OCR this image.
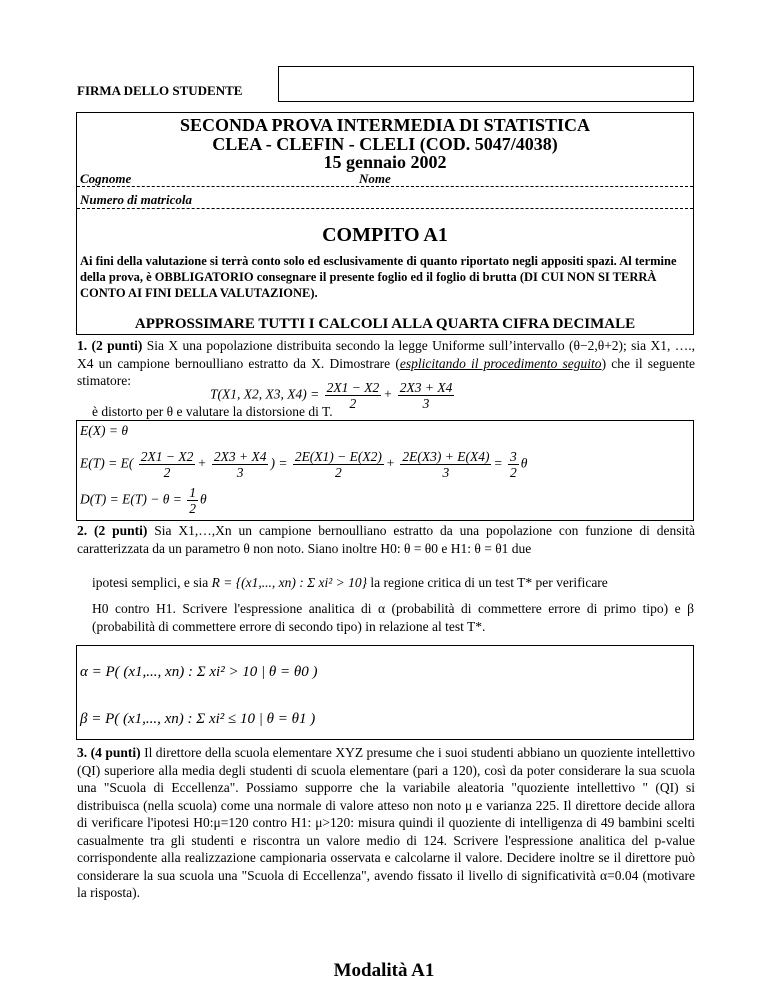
FIRMA DELLO STUDENTE
SECONDA PROVA INTERMEDIA DI STATISTICA
CLEA - CLEFIN - CLELI (COD. 5047/4038)
15 gennaio 2002
Cognome	Nome
Numero di matricola
COMPITO A1
Ai fini della valutazione si terrà conto solo ed esclusivamente di quanto riportato negli appositi spazi. Al termine della prova, è OBBLIGATORIO consegnare il presente foglio ed il foglio di brutta (DI CUI NON SI TERRÀ CONTO AI FINI DELLA VALUTAZIONE).
APPROSSIMARE TUTTI I CALCOLI ALLA QUARTA CIFRA DECIMALE
1. (2 punti) Sia X una popolazione distribuita secondo la legge Uniforme sull’intervallo (θ−2,θ+2); sia X1, …., X4 un campione bernoulliano estratto da X. Dimostrare (esplicitando il procedimento seguito) che il seguente stimatore:
T(X1, X2, X3, $X4) = \frac{2X1 - X2}{2} + \frac{2X3 + X4}{3}$
è distorto per θ e valutare la distorsione di T.
E(X) = θ
$E(T) = E( \frac{2X1 - X2}{2} + \frac{2X3 + X4}{3}$ ) = $\frac{2E(X1) - E(X2)}{2} + \frac{2E(X3) + E(X4)}{3} = \frac{3}{2}$ θ
$D(T) = E(T) - \theta = \frac{1}{2}$ θ
2. (2 punti) Sia X1,…,Xn un campione bernoulliano estratto da una popolazione con funzione di densità caratterizzata da un parametro θ non noto. Siano inoltre H0: θ = θ0 e H1: θ = θ1 due
ipotesi semplici, e sia R = {(x1,..., xn) : Σ xi² > 10} la regione critica di un test T* per verificare
H0 contro H1. Scrivere l'espressione analitica di α (probabilità di commettere errore di primo tipo) e β (probabilità di commettere errore di secondo tipo) in relazione al test T*.
α = P( (x1,..., xn) : Σ xi² > 10 | θ = θ0 )
β = P( (x1,..., xn) : Σ xi² ≤ 10 | θ = θ1 )
3. (4 punti) Il direttore della scuola elementare XYZ presume che i suoi studenti abbiano un quoziente intellettivo (QI) superiore alla media degli studenti di scuola elementare (pari a 120), così da poter considerare la sua scuola una "Scuola di Eccellenza". Possiamo supporre che la variabile aleatoria "quoziente intellettivo " (QI) si distribuisca (nella scuola) come una normale di valore atteso non noto μ e varianza 225. Il direttore decide allora di verificare l'ipotesi H0:μ=120 contro H1: μ>120: misura quindi il quoziente di intelligenza di 49 bambini scelti casualmente tra gli studenti e riscontra un valore medio di 124. Scrivere l'espressione analitica del p-value corrispondente alla realizzazione campionaria osservata e calcolarne il valore. Decidere inoltre se il direttore può considerare la sua scuola una "Scuola di Eccellenza", avendo fissato il livello di significatività α=0.04 (motivare la risposta).
Modalità A1
